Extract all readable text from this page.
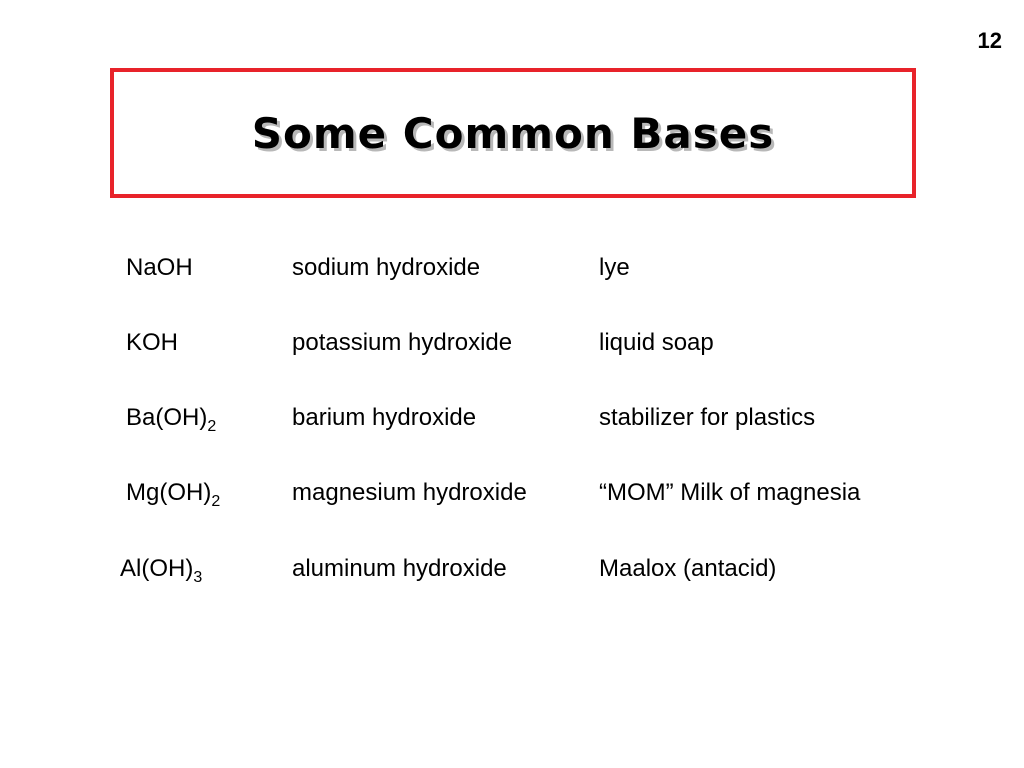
12
Some Common Bases
NaOH	sodium hydroxide	lye
KOH	potassium hydroxide	liquid soap
$Ba(OH)_2$	barium hydroxide	stabilizer for plastics
$Mg(OH)_2$	magnesium hydroxide	“MOM” Milk of magnesia
$Al(OH)_3$	aluminum hydroxide	Maalox (antacid)
